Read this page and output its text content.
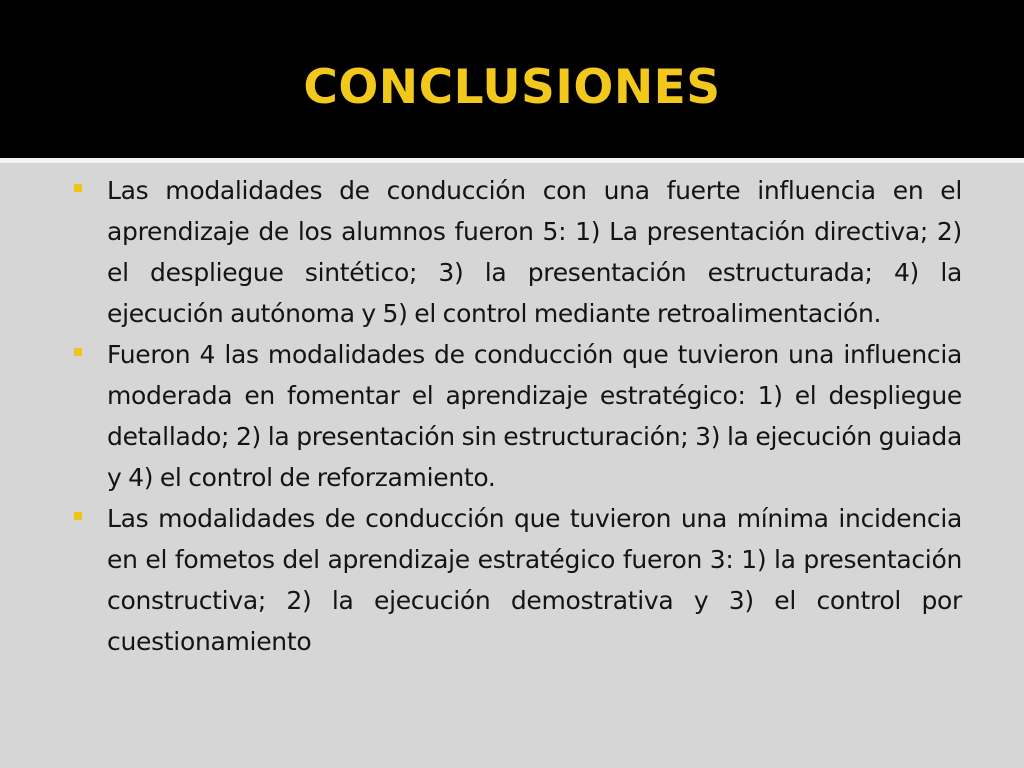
CONCLUSIONES
Las modalidades de conducción con una fuerte influencia en el aprendizaje de los alumnos fueron 5: 1) La presentación directiva; 2) el despliegue sintético; 3) la presentación estructurada; 4) la ejecución autónoma y 5) el control mediante retroalimentación.
Fueron 4 las modalidades de conducción que tuvieron una influencia moderada en fomentar el aprendizaje estratégico: 1) el despliegue detallado; 2) la presentación sin estructuración; 3) la ejecución guiada y 4) el control de reforzamiento.
Las modalidades de conducción que tuvieron una mínima incidencia en el fometos del aprendizaje estratégico fueron 3: 1) la presentación constructiva; 2) la ejecución demostrativa y 3) el control por cuestionamiento
